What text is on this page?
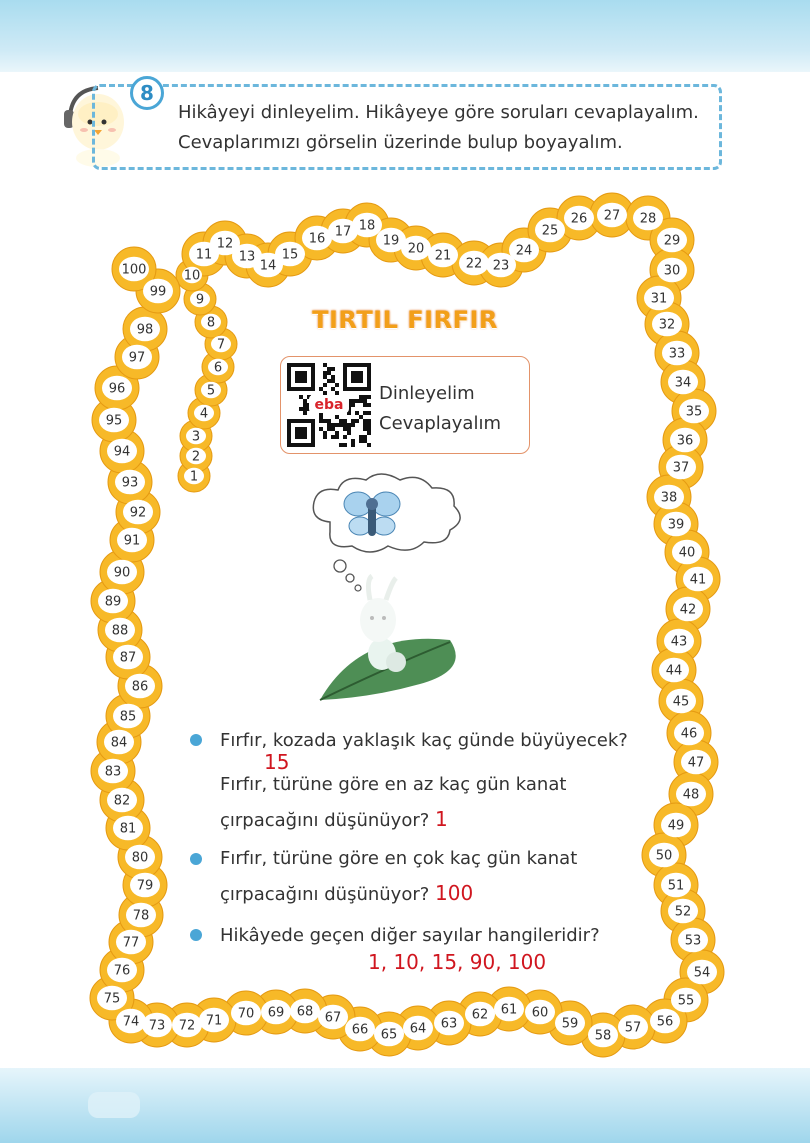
8
Hikâyeyi dinleyelim. Hikâyeye göre soruları cevaplayalım.
Cevaplarımızı görselin üzerinde bulup boyayalım.
1
2
3
4
5
6
7
8
9
10
11
12
13
14
15
16 17 18
19
20 21
22 23
24
25
26 27 28
29
30
31
32
33
34
35
36
37
38
39
40
41
42
43
44
45
46
47
48
49
50
51
52
53
54
55
56
57
58
59
60
61
62
63
64
65
66
67
68
69
70
71
72
73
74
75
76
77
78
79
80
81
82
83
84
85
86
87
88
89
90
91
92
93
94
95
96
97
98
99
100
TIRTIL FIRFIR
eba
Dinleyelim
Cevaplayalım
Fırfır, kozada yaklaşık kaç günde büyüyecek?
15
Fırfır, türüne göre en az kaç gün kanat
çırpacağını düşünüyor? 1
Fırfır, türüne göre en çok kaç gün kanat
çırpacağını düşünüyor? 100
Hikâyede geçen diğer sayılar hangileridir?
1, 10, 15, 90, 100
